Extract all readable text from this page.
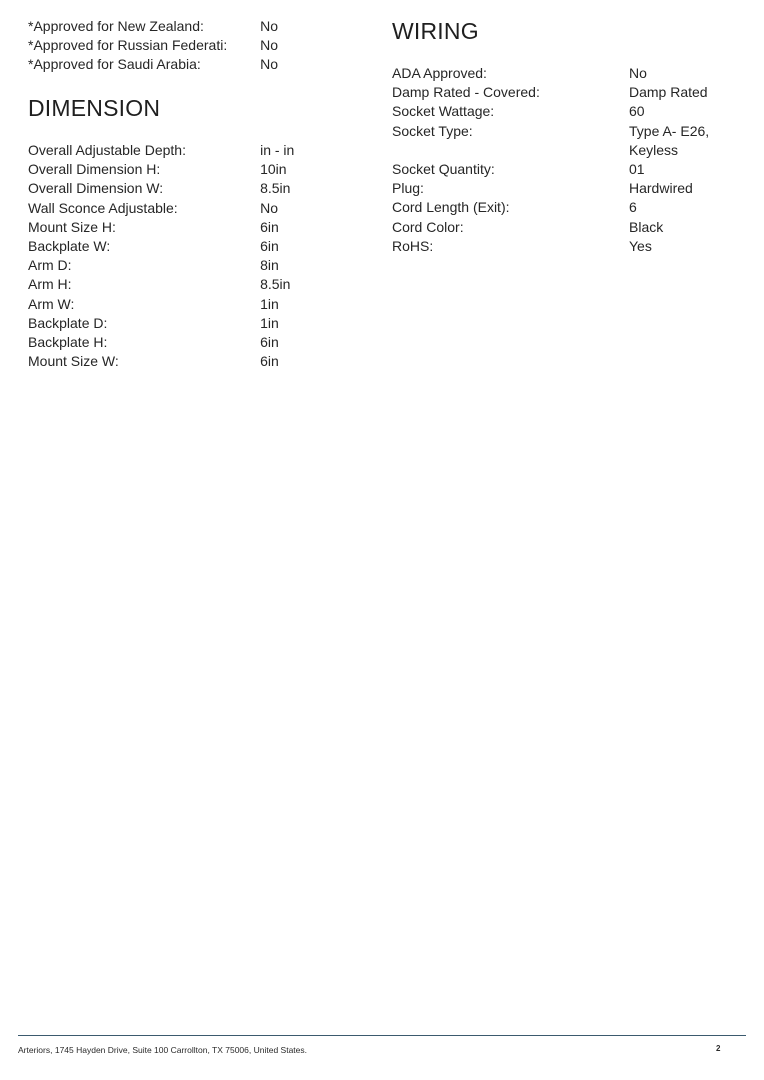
*Approved for New Zealand:	No
*Approved for Russian Federati:	No
*Approved for Saudi Arabia:	No
DIMENSION
Overall Adjustable Depth:	in - in
Overall Dimension H:	10in
Overall Dimension W:	8.5in
Wall Sconce Adjustable:	No
Mount Size H:	6in
Backplate W:	6in
Arm D:	8in
Arm H:	8.5in
Arm W:	1in
Backplate D:	1in
Backplate H:	6in
Mount Size W:	6in
WIRING
ADA Approved:	No
Damp Rated - Covered:	Damp Rated
Socket Wattage:	60
Socket Type:	Type A- E26, Keyless
Socket Quantity:	01
Plug:	Hardwired
Cord Length (Exit):	6
Cord Color:	Black
RoHS:	Yes
Arteriors, 1745 Hayden Drive, Suite 100 Carrollton, TX 75006, United States.	2
